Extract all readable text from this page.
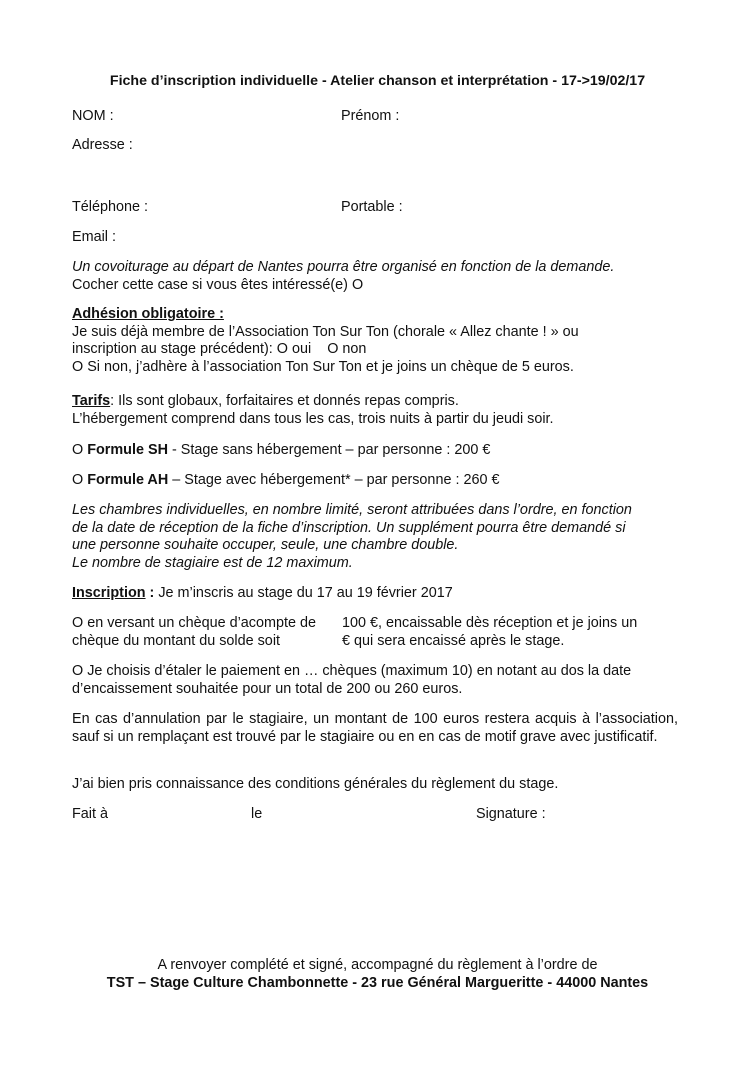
Fiche d’inscription individuelle - Atelier chanson et interprétation - 17->19/02/17
NOM :	Prénom :
Adresse :
Téléphone :	Portable :
Email :
Un covoiturage au départ de Nantes pourra être organisé en fonction de la demande.
Cocher cette case si vous êtes intéressé(e) O
Adhésion obligatoire :
Je suis déjà membre de l’Association Ton Sur Ton (chorale « Allez chante ! » ou
inscription au stage précédent): O oui O non
O Si non, j’adhère à l’association Ton Sur Ton et je joins un chèque de 5 euros.
Tarifs: Ils sont globaux, forfaitaires et donnés repas compris.
L’hébergement comprend dans tous les cas, trois nuits à partir du jeudi soir.
O Formule SH - Stage sans hébergement – par personne : 200 €
O Formule AH – Stage avec hébergement* – par personne : 260 €
Les chambres individuelles, en nombre limité, seront attribuées dans l’ordre, en fonction
de la date de réception de la fiche d’inscription. Un supplément pourra être demandé si
une personne souhaite occuper, seule, une chambre double.
Le nombre de stagiaire est de 12 maximum.
Inscription : Je m’inscris au stage du 17 au 19 février 2017
O en versant un chèque d’acompte de 100 €, encaissable dès réception et je joins un
chèque du montant du solde soit	€ qui sera encaissé après le stage.
O Je choisis d’étaler le paiement en … chèques (maximum 10) en notant au dos la date
d’encaissement souhaitée pour un total de 200 ou 260 euros.
En cas d’annulation par le stagiaire, un montant de 100 euros restera acquis à l’association, sauf si un remplaçant est trouvé par le stagiaire ou en en cas de motif grave avec justificatif.
J’ai bien pris connaissance des conditions générales du règlement du stage.
Fait à	le	Signature :
A renvoyer complété et signé, accompagné du règlement à l’ordre de
TST – Stage Culture Chambonnette - 23 rue Général Margueritte - 44000 Nantes
